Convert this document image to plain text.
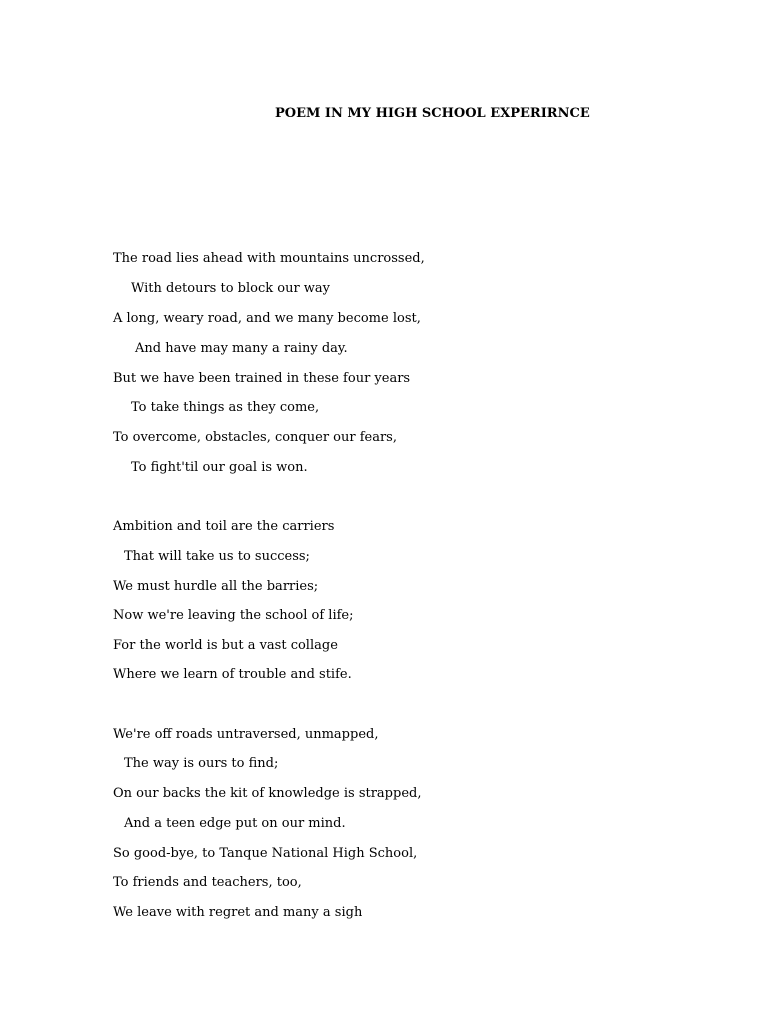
POEM IN MY HIGH SCHOOL EXPERIRNCE
The road lies ahead with mountains uncrossed,
With detours to block our way
A long, weary road, and we many become lost,
And have may many a rainy day.
But we have been trained in these four years
To take things as they come,
To overcome, obstacles, conquer our fears,
To fight'til our goal is won.
Ambition and toil are the carriers
That will take us to success;
We must hurdle all the barries;
Now we're leaving the school of life;
For the world is but a vast collage
Where we learn of trouble and stife.
We're off roads untraversed, unmapped,
The way is ours to find;
On our backs the kit of knowledge is strapped,
And a teen edge put on our mind.
So good-bye, to Tanque National High School,
To friends and teachers, too,
We leave with regret and many a sigh
